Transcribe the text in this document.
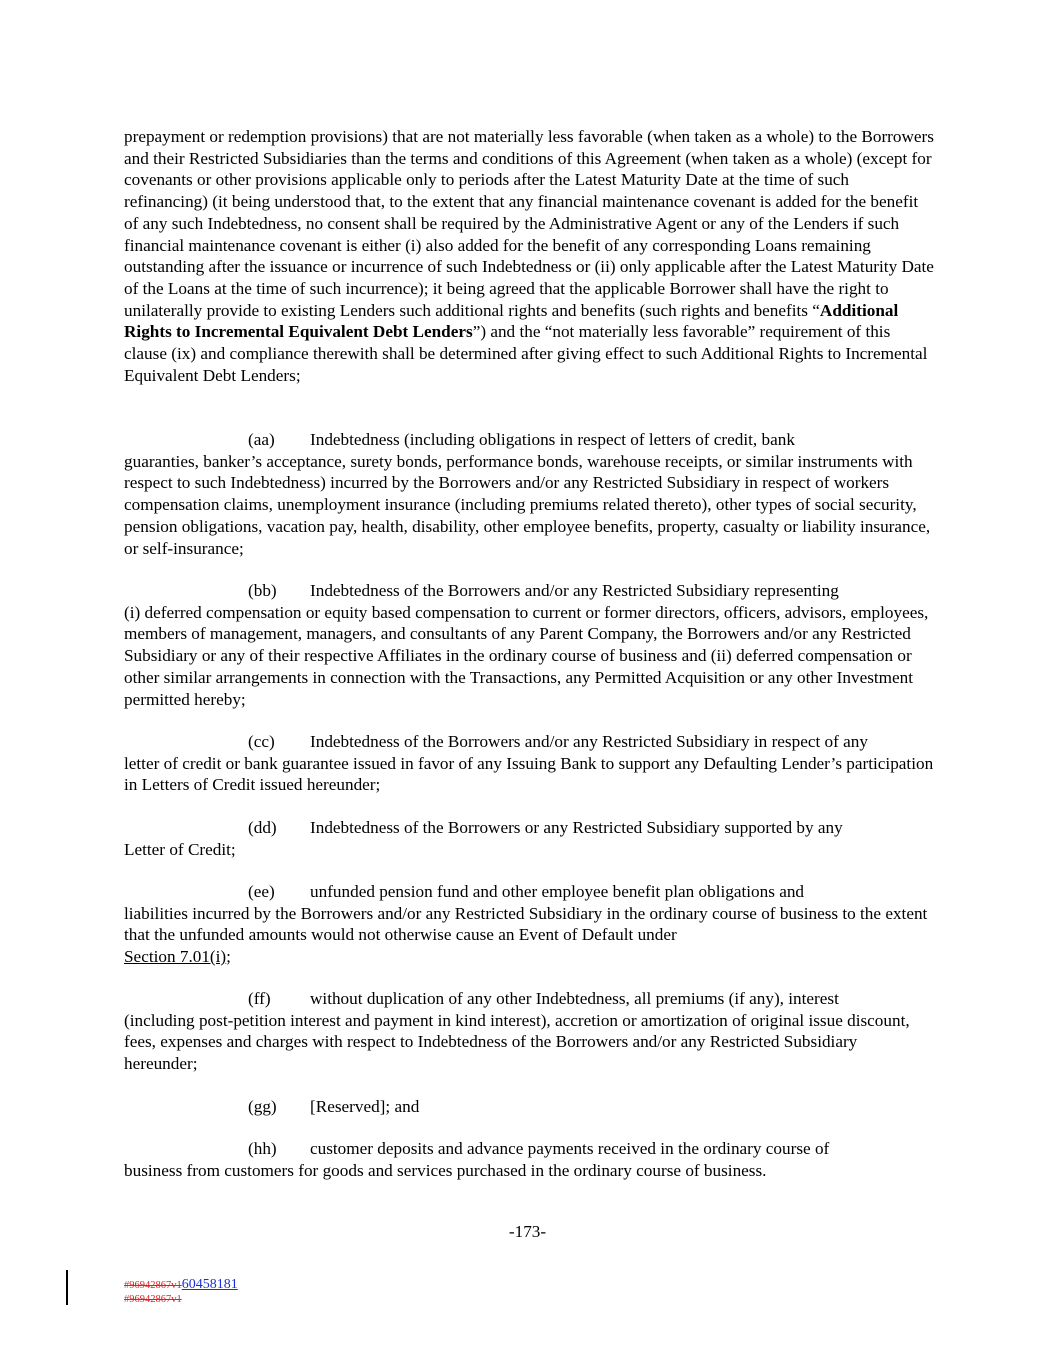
prepayment or redemption provisions) that are not materially less favorable (when taken as a whole) to the Borrowers and their Restricted Subsidiaries than the terms and conditions of this Agreement (when taken as a whole) (except for covenants or other provisions applicable only to periods after the Latest Maturity Date at the time of such refinancing) (it being understood that, to the extent that any financial maintenance covenant is added for the benefit of any such Indebtedness, no consent shall be required by the Administrative Agent or any of the Lenders if such financial maintenance covenant is either (i) also added for the benefit of any corresponding Loans remaining outstanding after the issuance or incurrence of such Indebtedness or (ii) only applicable after the Latest Maturity Date of the Loans at the time of such incurrence); it being agreed that the applicable Borrower shall have the right to unilaterally provide to existing Lenders such additional rights and benefits (such rights and benefits “Additional Rights to Incremental Equivalent Debt Lenders”) and the “not materially less favorable” requirement of this clause (ix) and compliance therewith shall be determined after giving effect to such Additional Rights to Incremental Equivalent Debt Lenders;

(aa) Indebtedness (including obligations in respect of letters of credit, bank
guaranties, banker’s acceptance, surety bonds, performance bonds, warehouse receipts, or similar instruments with respect to such Indebtedness) incurred by the Borrowers and/or any Restricted Subsidiary in respect of workers compensation claims, unemployment insurance (including premiums related thereto), other types of social security, pension obligations, vacation pay, health, disability, other employee benefits, property, casualty or liability insurance, or self-insurance;
(bb) Indebtedness of the Borrowers and/or any Restricted Subsidiary representing
(i) deferred compensation or equity based compensation to current or former directors, officers, advisors, employees, members of management, managers, and consultants of any Parent Company, the Borrowers and/or any Restricted Subsidiary or any of their respective Affiliates in the ordinary course of business and (ii) deferred compensation or other similar arrangements in connection with the Transactions, any Permitted Acquisition or any other Investment permitted hereby;
(cc) Indebtedness of the Borrowers and/or any Restricted Subsidiary in respect of any
letter of credit or bank guarantee issued in favor of any Issuing Bank to support any Defaulting Lender’s participation in Letters of Credit issued hereunder;
(dd) Indebtedness of the Borrowers or any Restricted Subsidiary supported by any
Letter of Credit;
(ee) unfunded pension fund and other employee benefit plan obligations and
liabilities incurred by the Borrowers and/or any Restricted Subsidiary in the ordinary course of business to the extent that the unfunded amounts would not otherwise cause an Event of Default under
Section 7.01(i);
(ff) without duplication of any other Indebtedness, all premiums (if any), interest
(including post-petition interest and payment in kind interest), accretion or amortization of original issue discount, fees, expenses and charges with respect to Indebtedness of the Borrowers and/or any Restricted Subsidiary hereunder;
(gg) [Reserved]; and
(hh) customer deposits and advance payments received in the ordinary course of
business from customers for goods and services purchased in the ordinary course of business.
-173-
#96942867v160458181
#96942867v1
